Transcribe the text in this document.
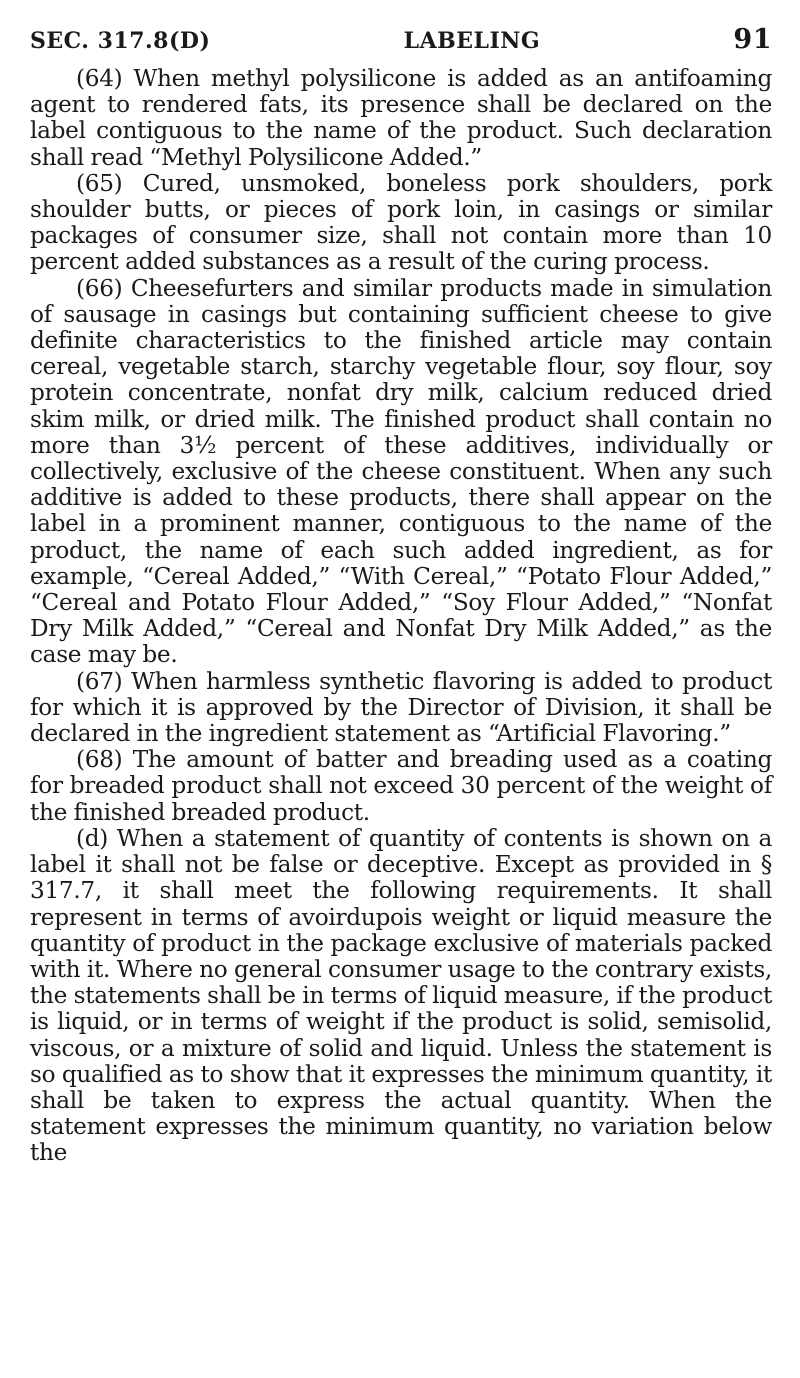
SEC. 317.8(D)	LABELING	91

(64) When methyl polysilicone is added as an antifoaming agent to rendered fats, its presence shall be declared on the label contiguous to the name of the product. Such declaration shall read “Methyl Polysilicone Added.”

(65) Cured, unsmoked, boneless pork shoulders, pork shoulder butts, or pieces of pork loin, in casings or similar packages of consumer size, shall not contain more than 10 percent added substances as a result of the curing process.

(66) Cheesefurters and similar products made in simulation of sausage in casings but containing sufficient cheese to give definite characteristics to the finished article may contain cereal, vegetable starch, starchy vegetable flour, soy flour, soy protein concentrate, nonfat dry milk, calcium reduced dried skim milk, or dried milk. The finished product shall contain no more than 3½ percent of these additives, individually or collectively, exclusive of the cheese constituent. When any such additive is added to these products, there shall appear on the label in a prominent manner, contiguous to the name of the product, the name of each such added ingredient, as for example, “Cereal Added,” “With Cereal,” “Potato Flour Added,” “Cereal and Potato Flour Added,” “Soy Flour Added,” “Nonfat Dry Milk Added,” “Cereal and Nonfat Dry Milk Added,” as the case may be.

(67) When harmless synthetic flavoring is added to product for which it is approved by the Director of Division, it shall be declared in the ingredient statement as “Artificial Flavoring.”

(68) The amount of batter and breading used as a coating for breaded product shall not exceed 30 percent of the weight of the finished breaded product.

(d) When a statement of quantity of contents is shown on a label it shall not be false or deceptive. Except as provided in § 317.7, it shall meet the following requirements. It shall represent in terms of avoirdupois weight or liquid measure the quantity of product in the package exclusive of materials packed with it. Where no general consumer usage to the contrary exists, the statements shall be in terms of liquid measure, if the product is liquid, or in terms of weight if the product is solid, semisolid, viscous, or a mixture of solid and liquid. Unless the statement is so qualified as to show that it expresses the minimum quantity, it shall be taken to express the actual quantity. When the statement expresses the minimum quantity, no variation below the
